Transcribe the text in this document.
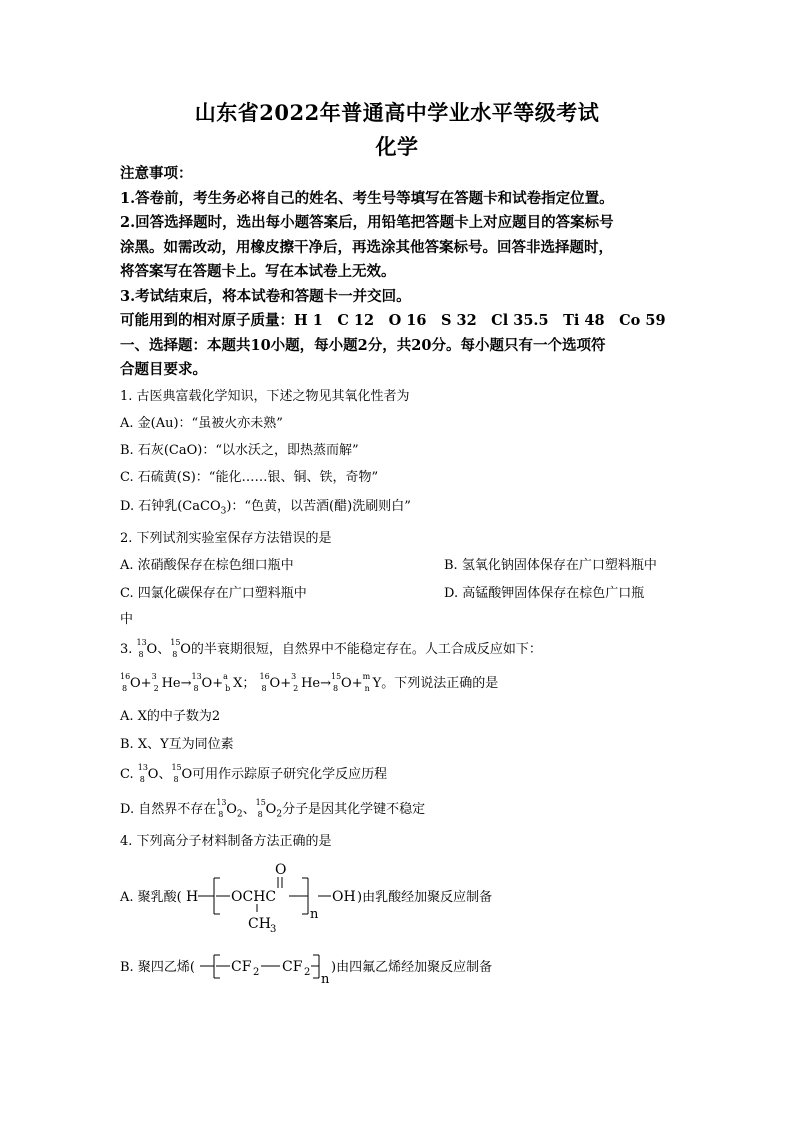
山东省2022年普通高中学业水平等级考试
化学

注意事项：

1.答卷前，考生务必将自己的姓名、考生号等填写在答题卡和试卷指定位置。

2.回答选择题时，选出每小题答案后，用铅笔把答题卡上对应题目的答案标号

涂黑。如需改动，用橡皮擦干净后，再选涂其他答案标号。回答非选择题时，

将答案写在答题卡上。写在本试卷上无效。

3.考试结束后，将本试卷和答题卡一并交回。

可能用到的相对原子质量：H 1　C 12　O 16　S 32　Cl 35.5　Ti 48　Co 59

一、选择题：本题共10小题，每小题2分，共20分。每小题只有一个选项符

合题目要求。

1. 古医典富载化学知识，下述之物见其氧化性者为
A. 金(Au)：“虽被火亦未熟”
B. 石灰(CaO)：“以水沃之，即热蒸而解”
C. 石硫黄(S)：“能化……银、铜、铁，奇物”
D. 石钟乳(CaCO$_3$)：“色黄，以苦酒(醋)洗刷则白”
2. 下列试剂实验室保存方法错误的是
A. 浓硝酸保存在棕色细口瓶中	B. 氢氧化钠固体保存在广口塑料瓶中
C. 四氯化碳保存在广口塑料瓶中	D. 高锰酸钾固体保存在棕色广口瓶
中
3. 13
8 O、 15
8 O的半衰期很短，自然界中不能稳定存在。人工合成反应如下：
16
8 O+ 3
2 He→ 13
8 O+ a
b X； 16
8 O+ 3
2 He→ 15
8 O+ m
n Y。下列说法正确的是
A. X的中子数为2
B. X、Y互为同位素
C. 13
8 O、 15
8 O可用作示踪原子研究化学反应历程
D. 自然界不存在 13
8 $O_2$、 15
8 $O_2$分子是因其化学键不稳定
4. 下列高分子材料制备方法正确的是
A. 聚乳酸( H OCHC
O
CH 3
n
OH )由乳酸经加聚反应制备
B. 聚四乙烯(	CF 2 CF 2 n
)由四氟乙烯经加聚反应制备
